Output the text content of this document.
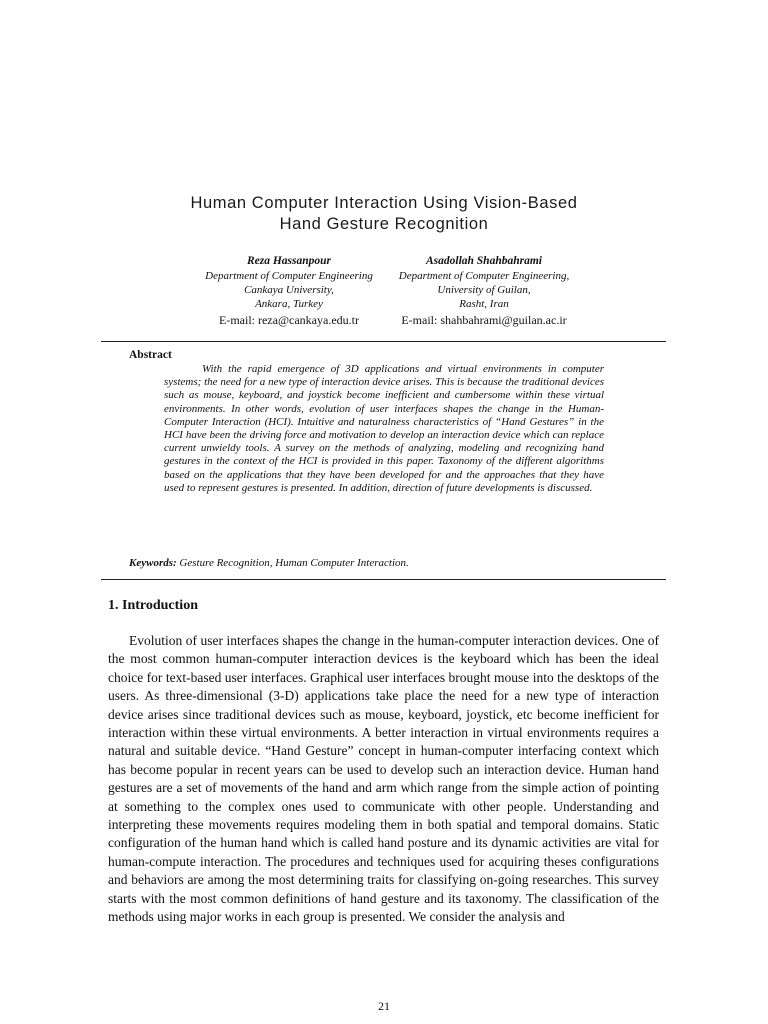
Human Computer Interaction Using Vision-Based
Hand Gesture Recognition
Reza Hassanpour
Department of Computer Engineering
Cankaya University,
Ankara, Turkey
E-mail: reza@cankaya.edu.tr
Asadollah Shahbahrami
Department of Computer Engineering,
University of Guilan,
Rasht, Iran
E-mail: shahbahrami@guilan.ac.ir
Abstract
With the rapid emergence of 3D applications and virtual environments in computer systems; the need for a new type of interaction device arises. This is because the traditional devices such as mouse, keyboard, and joystick become inefficient and cumbersome within these virtual environments. In other words, evolution of user interfaces shapes the change in the Human-Computer Interaction (HCI). Intuitive and naturalness characteristics of “Hand Gestures” in the HCI have been the driving force and motivation to develop an interaction device which can replace current unwieldy tools. A survey on the methods of analyzing, modeling and recognizing hand gestures in the context of the HCI is provided in this paper. Taxonomy of the different algorithms based on the applications that they have been developed for and the approaches that they have used to represent gestures is presented. In addition, direction of future developments is discussed.
Keywords: Gesture Recognition, Human Computer Interaction.
1. Introduction
Evolution of user interfaces shapes the change in the human-computer interaction devices. One of the most common human-computer interaction devices is the keyboard which has been the ideal choice for text-based user interfaces. Graphical user interfaces brought mouse into the desktops of the users. As three-dimensional (3-D) applications take place the need for a new type of interaction device arises since traditional devices such as mouse, keyboard, joystick, etc become inefficient for interaction within these virtual environments. A better interaction in virtual environments requires a natural and suitable device. “Hand Gesture” concept in human-computer interfacing context which has become popular in recent years can be used to develop such an interaction device. Human hand gestures are a set of movements of the hand and arm which range from the simple action of pointing at something to the complex ones used to communicate with other people. Understanding and interpreting these movements requires modeling them in both spatial and temporal domains. Static configuration of the human hand which is called hand posture and its dynamic activities are vital for human-compute interaction. The procedures and techniques used for acquiring theses configurations and behaviors are among the most determining traits for classifying on-going researches. This survey starts with the most common definitions of hand gesture and its taxonomy. The classification of the methods using major works in each group is presented. We consider the analysis and
21
